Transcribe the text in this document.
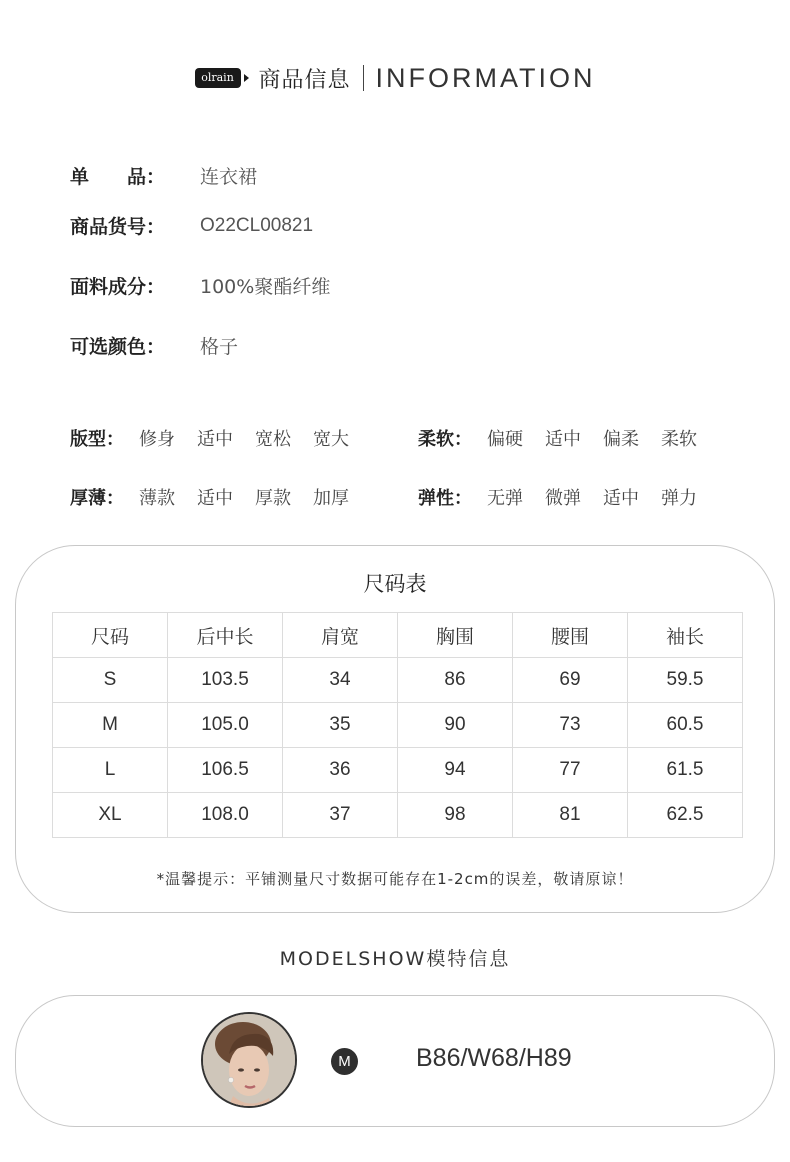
olrain	商品信息 INFORMATION
单　　品：	连衣裙
商品货号：	O22CL00821
面料成分：	100%聚酯纤维
可选颜色：	格子
版型： 修身	适中	宽松	宽大	柔软： 偏硬	适中	偏柔	柔软
厚薄： 薄款	适中	厚款	加厚	弹性： 无弹	微弹	适中	弹力
尺码表
尺码	后中长	肩宽	胸围	腰围	袖长
S	103.5	34	86	69	59.5
M	105.0	35	90	73	60.5
L	106.5	36	94	77	61.5
XL	108.0	37	98	81	62.5
*温馨提示：平铺测量尺寸数据可能存在1-2cm的误差，敬请原谅！
MODELSHOW模特信息
M	B86/W68/H89
